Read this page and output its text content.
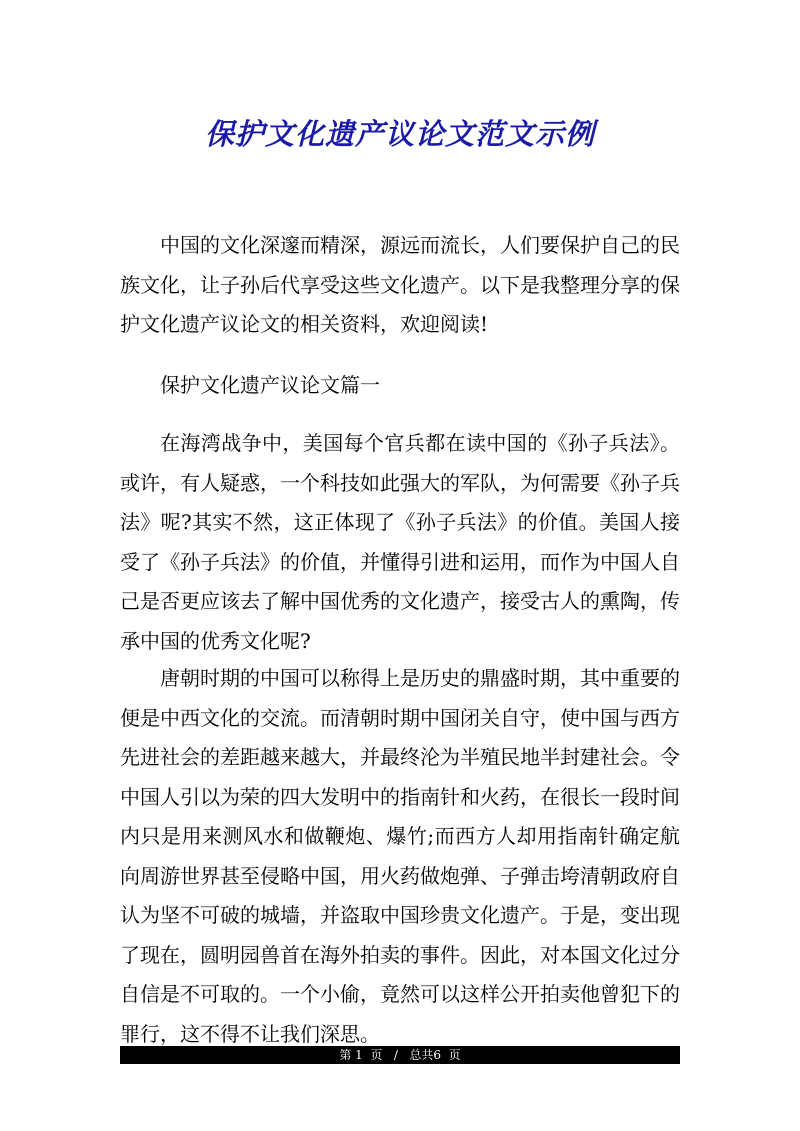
保护文化遗产议论文范文示例

中国的文化深邃而精深，源远而流长，人们要保护自己的民族文化，让子孙后代享受这些文化遗产。以下是我整理分享的保护文化遗产议论文的相关资料，欢迎阅读!

保护文化遗产议论文篇一

在海湾战争中，美国每个官兵都在读中国的《孙子兵法》。或许，有人疑惑，一个科技如此强大的军队，为何需要《孙子兵法》呢?其实不然，这正体现了《孙子兵法》的价值。美国人接受了《孙子兵法》的价值，并懂得引进和运用，而作为中国人自己是否更应该去了解中国优秀的文化遗产，接受古人的熏陶，传承中国的优秀文化呢?

唐朝时期的中国可以称得上是历史的鼎盛时期，其中重要的便是中西文化的交流。而清朝时期中国闭关自守，使中国与西方先进社会的差距越来越大，并最终沦为半殖民地半封建社会。令中国人引以为荣的四大发明中的指南针和火药，在很长一段时间内只是用来测风水和做鞭炮、爆竹;而西方人却用指南针确定航向周游世界甚至侵略中国，用火药做炮弹、子弹击垮清朝政府自认为坚不可破的城墙，并盗取中国珍贵文化遗产。于是，变出现了现在，圆明园兽首在海外拍卖的事件。因此，对本国文化过分自信是不可取的。一个小偷，竟然可以这样公开拍卖他曾犯下的罪行，这不得不让我们深思。

第 1  页   /   总共6  页
